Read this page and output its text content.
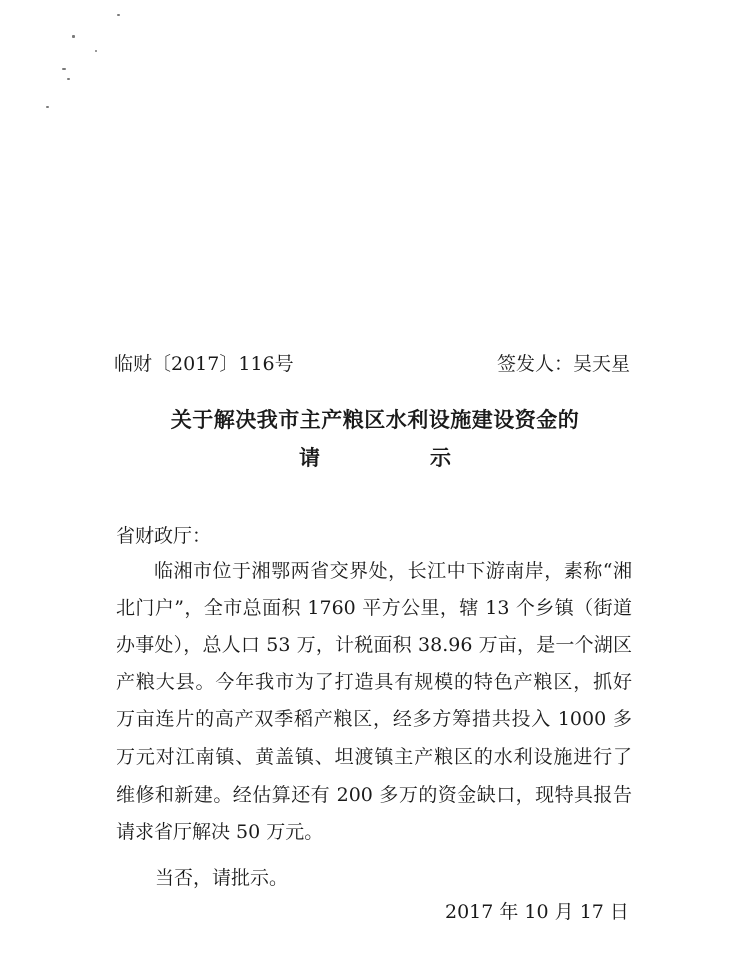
临财〔2017〕116号	签发人：吴天星
关于解决我市主产粮区水利设施建设资金的
请	示
省财政厅：
临湘市位于湘鄂两省交界处，长江中下游南岸，素称“湘
北门户”，全市总面积 1760 平方公里，辖 13 个乡镇（街道
办事处），总人口 53 万，计税面积 38.96 万亩，是一个湖区
产粮大县。今年我市为了打造具有规模的特色产粮区，抓好
万亩连片的高产双季稻产粮区，经多方筹措共投入 1000 多
万元对江南镇、黄盖镇、坦渡镇主产粮区的水利设施进行了
维修和新建。经估算还有 200 多万的资金缺口，现特具报告
请求省厅解决 50 万元。
当否，请批示。
2017 年 10 月 17 日
